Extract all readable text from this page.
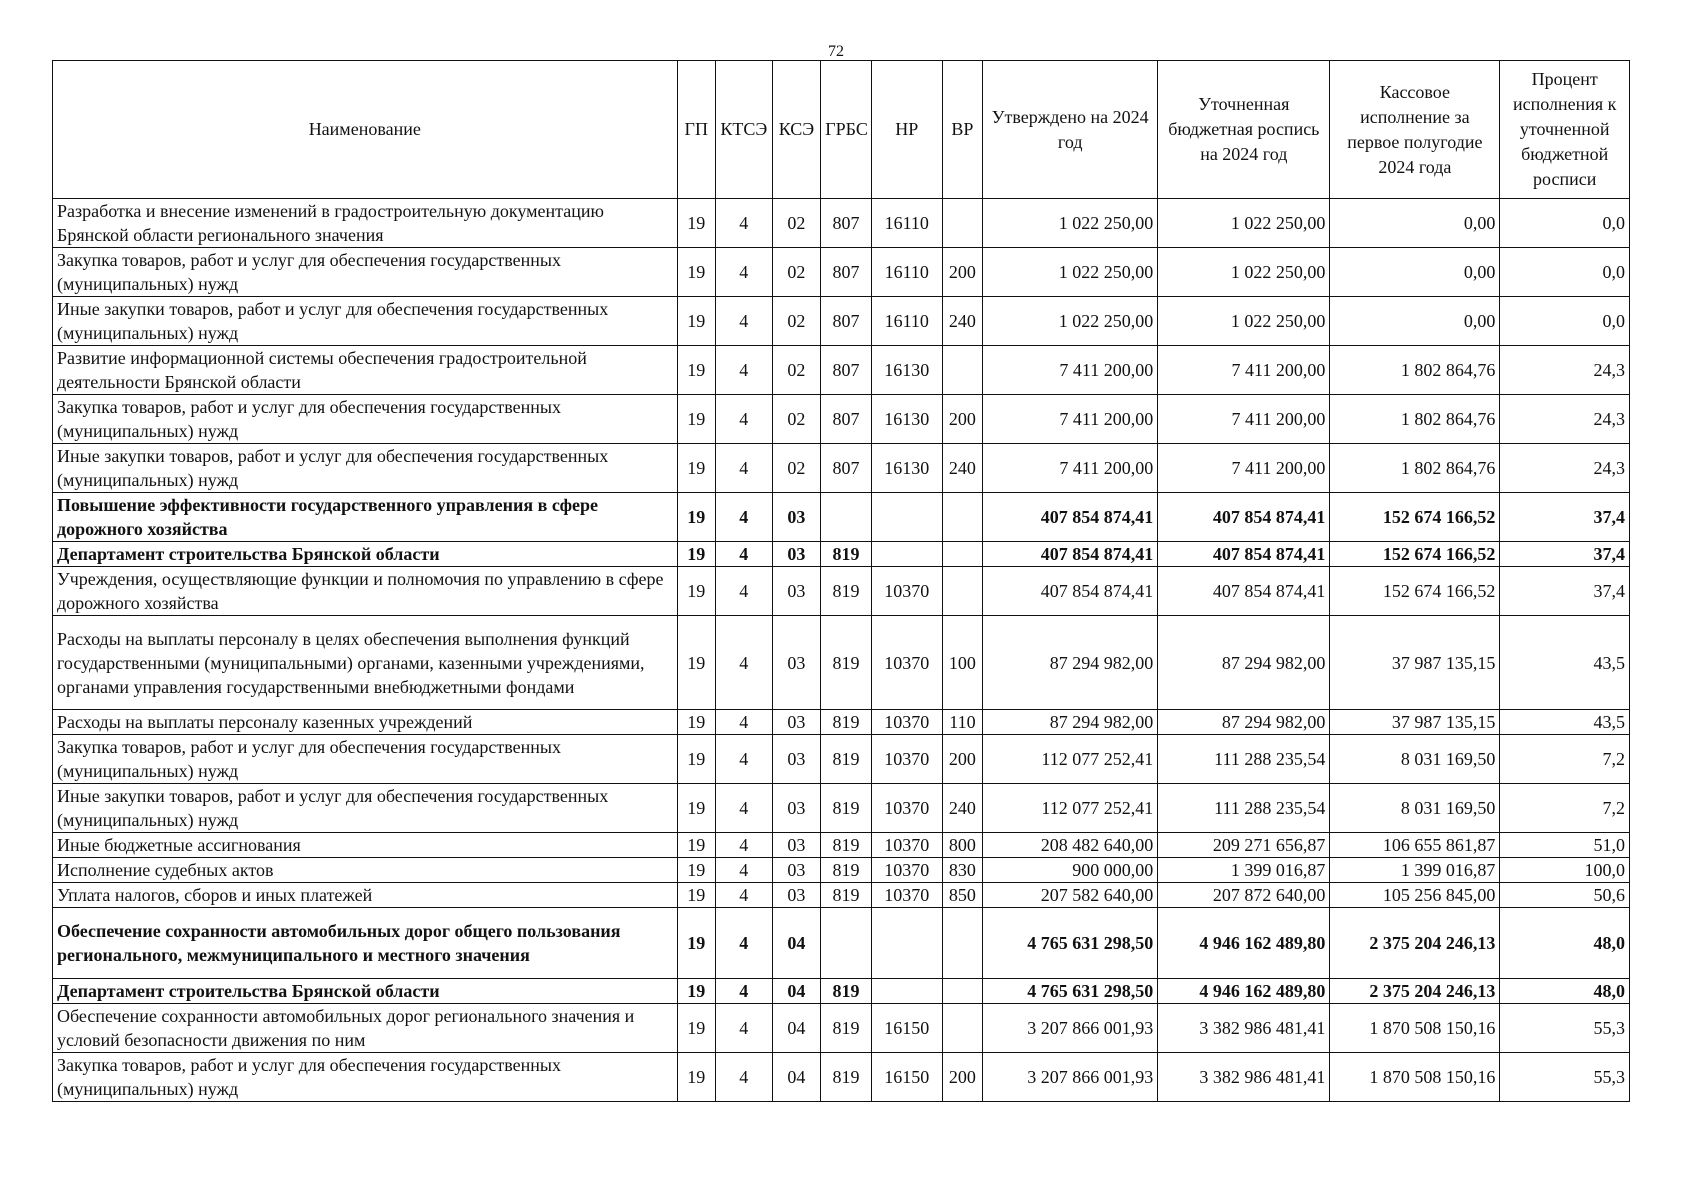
72
Наименование	ГП	КТСЭ	КСЭ	ГРБС	НР	ВР	Утверждено на 2024 год	Уточненная бюджетная роспись на 2024 год	Кассовое исполнение за первое полугодие 2024 года	Процент исполнения к уточненной бюджетной росписи
Разработка и внесение изменений в градостроительную документацию Брянской области регионального значения	19	4	02	807	16110		1 022 250,00	1 022 250,00	0,00	0,0
Закупка товаров, работ и услуг для обеспечения государственных (муниципальных) нужд	19	4	02	807	16110	200	1 022 250,00	1 022 250,00	0,00	0,0
Иные закупки товаров, работ и услуг для обеспечения государственных (муниципальных) нужд	19	4	02	807	16110	240	1 022 250,00	1 022 250,00	0,00	0,0
Развитие информационной системы обеспечения градостроительной деятельности Брянской области	19	4	02	807	16130		7 411 200,00	7 411 200,00	1 802 864,76	24,3
Закупка товаров, работ и услуг для обеспечения государственных (муниципальных) нужд	19	4	02	807	16130	200	7 411 200,00	7 411 200,00	1 802 864,76	24,3
Иные закупки товаров, работ и услуг для обеспечения государственных (муниципальных) нужд	19	4	02	807	16130	240	7 411 200,00	7 411 200,00	1 802 864,76	24,3
Повышение эффективности государственного управления в сфере дорожного хозяйства	19	4	03				407 854 874,41	407 854 874,41	152 674 166,52	37,4
Департамент строительства Брянской области	19	4	03	819			407 854 874,41	407 854 874,41	152 674 166,52	37,4
Учреждения, осуществляющие функции и полномочия по управлению в сфере дорожного хозяйства	19	4	03	819	10370		407 854 874,41	407 854 874,41	152 674 166,52	37,4
Расходы на выплаты персоналу в целях обеспечения выполнения функций государственными (муниципальными) органами, казенными учреждениями, органами управления государственными внебюджетными фондами	19	4	03	819	10370	100	87 294 982,00	87 294 982,00	37 987 135,15	43,5
Расходы на выплаты персоналу казенных учреждений	19	4	03	819	10370	110	87 294 982,00	87 294 982,00	37 987 135,15	43,5
Закупка товаров, работ и услуг для обеспечения государственных (муниципальных) нужд	19	4	03	819	10370	200	112 077 252,41	111 288 235,54	8 031 169,50	7,2
Иные закупки товаров, работ и услуг для обеспечения государственных (муниципальных) нужд	19	4	03	819	10370	240	112 077 252,41	111 288 235,54	8 031 169,50	7,2
Иные бюджетные ассигнования	19	4	03	819	10370	800	208 482 640,00	209 271 656,87	106 655 861,87	51,0
Исполнение судебных актов	19	4	03	819	10370	830	900 000,00	1 399 016,87	1 399 016,87	100,0
Уплата налогов, сборов и иных платежей	19	4	03	819	10370	850	207 582 640,00	207 872 640,00	105 256 845,00	50,6
Обеспечение сохранности автомобильных дорог общего пользования регионального, межмуниципального и местного значения	19	4	04				4 765 631 298,50	4 946 162 489,80	2 375 204 246,13	48,0
Департамент строительства Брянской области	19	4	04	819			4 765 631 298,50	4 946 162 489,80	2 375 204 246,13	48,0
Обеспечение сохранности автомобильных дорог регионального значения и условий безопасности движения по ним	19	4	04	819	16150		3 207 866 001,93	3 382 986 481,41	1 870 508 150,16	55,3
Закупка товаров, работ и услуг для обеспечения государственных (муниципальных) нужд	19	4	04	819	16150	200	3 207 866 001,93	3 382 986 481,41	1 870 508 150,16	55,3
